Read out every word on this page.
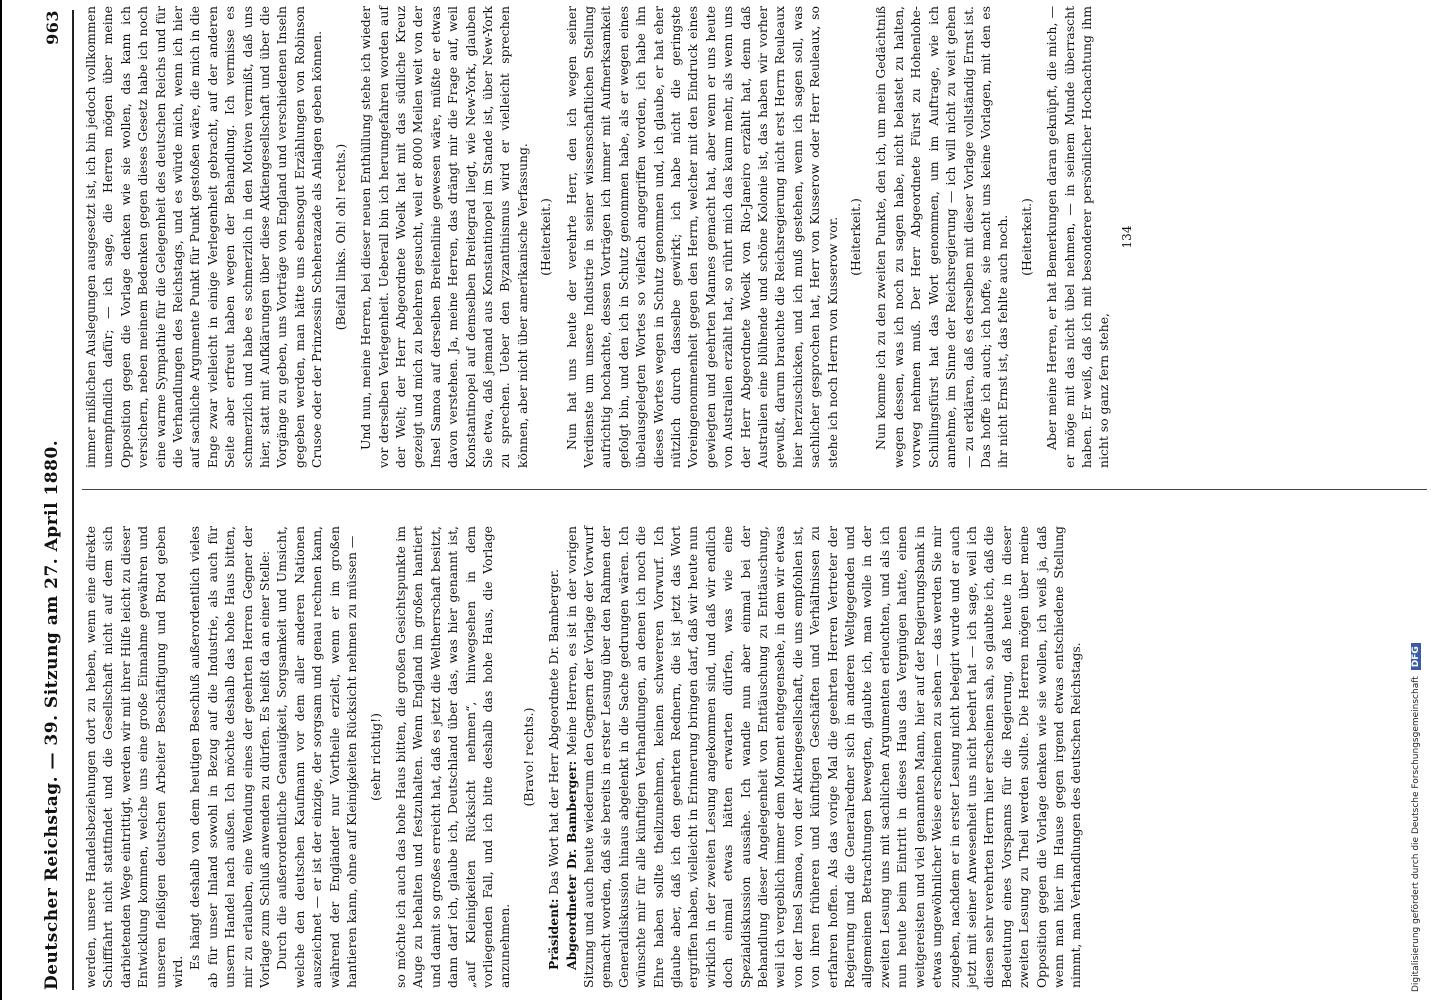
Deutscher Reichstag. — 39. Sitzung am 27. April 1880.
963

werden, unsere Handelsbeziehungen dort zu heben, wenn eine direkte Schifffahrt nicht stattfindet und die Gesellschaft nicht auf dem sich darbietenden Wege eintrittigt, werden wir mit ihrer Hilfe leicht zu dieser Entwicklung kommen, welche uns eine große Einnahme gewähren und unseren fleißigen deutschen Arbeiter Beschäftigung und Brod geben wird.

Es hängt deshalb von dem heutigen Beschluß außerordentlich vieles ab für unser Inland sowohl in Bezug auf die Industrie, als auch für unsern Handel nach außen. Ich möchte deshalb das hohe Haus bitten, mir zu erlauben, eine Wendung eines der geehrten Herren Gegner der Vorlage zum Schluß anwenden zu dürfen. Es heißt da an einer Stelle: Durch die außerordentliche Genauigkeit, Sorgsamkeit und Umsicht, welche den deutschen Kaufmann vor dem aller anderen Nationen auszeichnet — er ist der einzige, der sorgsam und genau rechnen kann, während der Engländer nur Vortheile erzielt, wenn er im großen hantieren kann, ohne auf Kleinigkeiten Rücksicht nehmen zu müssen — (sehr richtig!) so möchte ich auch das hohe Haus bitten, die großen Gesichtspunkte im Auge zu behalten und festzuhalten. Wenn England im großen hantiert und damit so großes erreicht hat, daß es jetzt die Weltherrschaft besitzt, dann darf ich, glaube ich, Deutschland über das, was hier genannt ist, „auf Kleinigkeiten Rücksicht nehmen“, hinwegsehen in dem vorliegenden Fall, und ich bitte deshalb das hohe Haus, die Vorlage anzunehmen.

(Bravo! rechts.)

Präsident: Das Wort hat der Herr Abgeordnete Dr. Bamberger. Abgeordneter Dr. Bamberger: Meine Herren, es ist in der vorigen Sitzung und auch heute wiederum den Gegnern der Vorlage der Vorwurf gemacht worden, daß sie bereits in erster Lesung über den Rahmen der Generaldiskussion hinaus abgelenkt in die Sache gedrungen wären. Ich wünschte mir für alle künftigen Verhandlungen, an denen ich noch die Ehre haben sollte theilzunehmen, keinen schwereren Vorwurf. Ich glaube aber, daß ich den geehrten Rednern, die ist jetzt das Wort ergriffen haben, vielleicht in Erinnerung bringen darf, daß wir heute nun wirklich in der zweiten Lesung angekommen sind, und daß wir endlich doch einmal etwas hätten erwarten dürfen, was wie eine Spezialdiskussion aussähe. Ich wandle nun aber einmal bei der Behandlung dieser Angelegenheit von Enttäuschung zu Enttäuschung, weil ich vergeblich immer dem Moment entgegensehe, in dem wir etwas von der Insel Samoa, von der Aktiengesellschaft, die uns empfohlen ist, von ihren früheren und künftigen Geschäften und Verhältnissen zu erfahren hoffen. Als das vorige Mal die geehrten Herren Vertreter der Regierung und die Generalredner sich in anderen Weltgegenden und allgemeinen Betrachtungen bewegten, glaubte ich, man wolle in der zweiten Lesung uns mit sachlichen Argumenten erleuchten, und als ich nun heute beim Eintritt in dieses Haus das Vergnügen hatte, einen weitgereisten und viel genannten Mann, hier auf der Regierungsbank in etwas ungewöhnlicher Weise erscheinen zu sehen — das werden Sie mir zugeben, nachdem er in erster Lesung nicht belegirt wurde und er auch jetzt mit seiner Anwesenheit uns nicht beehrt hat — ich sage, weil ich diesen sehr verehrten Herrn hier erscheinen sah, so glaubte ich, daß die Bedeutung eines Vorspanns für die Regierung, daß heute in dieser zweiten Lesung zu Theil werden sollte. Die Herren mögen über meine Opposition gegen die Vorlage denken wie sie wollen, ich weiß ja, daß wenn man hier im Hause gegen irgend etwas entschiedene Stellung nimmt, man Verhandlungen des deutschen Reichstags.

immer mißlichen Auslegungen ausgesetzt ist, ich bin jedoch vollkommen unempfindlich dafür; — ich sage, die Herren mögen über meine Opposition gegen die Vorlage denken wie sie wollen, das kann ich versichern, neben meinem Bedenken gegen dieses Gesetz habe ich noch eine warme Sympathie für die Gelegenheit des deutschen Reichs und für die Verhandlungen des Reichstags, und es würde mich, wenn ich hier auf sachliche Argumente Punkt für Punkt gestoßen wäre, die mich in die Enge zwar vielleicht in einige Verlegenheit gebracht, auf der anderen Seite aber erfreut haben wegen der Behandlung. Ich vermisse es schmerzlich und habe es schmerzlich in den Motiven vermißt, daß uns hier, statt mit Aufklärungen über diese Aktiengesellschaft und über die Vorgänge zu geben, uns Vorträge von England und verschiedenen Inseln gegeben werden, man hätte uns ebensogut Erzählungen von Robinson Crusoe oder der Prinzessin Scheherazade als Anlagen geben können. (Beifall links. Oh! oh! rechts.) Und nun, meine Herren, bei dieser neuen Enthüllung stehe ich wieder vor derselben Verlegenheit. Ueberall bin ich herumgefahren worden auf der Welt; der Herr Abgeordnete Woelk hat mit das südliche Kreuz gezeigt und mich zu belehren gesucht, weil er 8000 Meilen weit von der Insel Samoa auf derselben Breitenlinie gewesen wäre, müßte er etwas davon verstehen. Ja, meine Herren, das drängt mir die Frage auf, weil Konstantinopel auf demselben Breitegrad liegt, wie New-York, glauben Sie etwa, daß jemand aus Konstantinopel im Stande ist, über New-York zu sprechen. Ueber den Byzantinismus wird er vielleicht sprechen können, aber nicht über amerikanische Verfassung. (Heiterkeit.) Nun hat uns heute der verehrte Herr, den ich wegen seiner Verdienste um unsere Industrie in seiner wissenschaftlichen Stellung aufrichtig hochachte, dessen Vorträgen ich immer mit Aufmerksamkeit gefolgt bin, und den ich in Schutz genommen habe, als er wegen eines übelausgelegten Wortes so vielfach angegriffen worden, ich habe ihn dieses Wortes wegen in Schutz genommen und, ich glaube, er hat eher nützlich durch dasselbe gewirkt; ich habe nicht die geringste Voreingenommenheit gegen den Herrn, welcher mit den Eindruck eines gewiegten und geehrten Mannes gemacht hat, aber wenn er uns heute von Australien erzählt hat, so rührt mich das kaum mehr, als wenn uns der Herr Abgeordnete Woelk von Rio-Janeiro erzählt hat, denn daß Australien eine blühende und schöne Kolonie ist, das haben wir vorher gewußt, darum brauchte die Reichsregierung nicht erst Herrn Reuleaux hier herzuschicken, und ich muß gestehen, wenn ich sagen soll, was sachlicher gesprochen hat, Herr von Kusserow oder Herr Reuleaux, so stehe ich noch Herrn von Kusserow vor. (Heiterkeit.) Nun komme ich zu den zweiten Punkte, den ich, um mein Gedächtniß wegen dessen, was ich noch zu sagen habe, nicht belastet zu halten, vorweg nehmen muß. Der Herr Abgeordnete Fürst zu Hohenlohe-Schillingsfürst hat das Wort genommen, um im Auftrage, wie ich annehme, im Sinne der Reichsregierung — ich will nicht zu weit gehen — zu erklären, daß es derselben mit dieser Vorlage vollständig Ernst ist. Das hoffe ich auch; ich hoffe, sie macht uns keine Vorlagen, mit den es ihr nicht Ernst ist, das fehlte auch noch. (Heiterkeit.) Aber meine Herren, er hat Bemerkungen daran geknüpft, die mich, — er möge mit das nicht übel nehmen, — in seinem Munde überrascht haben. Er weiß, daß ich mit besonderer persönlicher Hochachtung ihm nicht so ganz fern stehe,

134
Digitalisierung gefördert durch die Deutsche Forschungsgemeinschaft
DFG
